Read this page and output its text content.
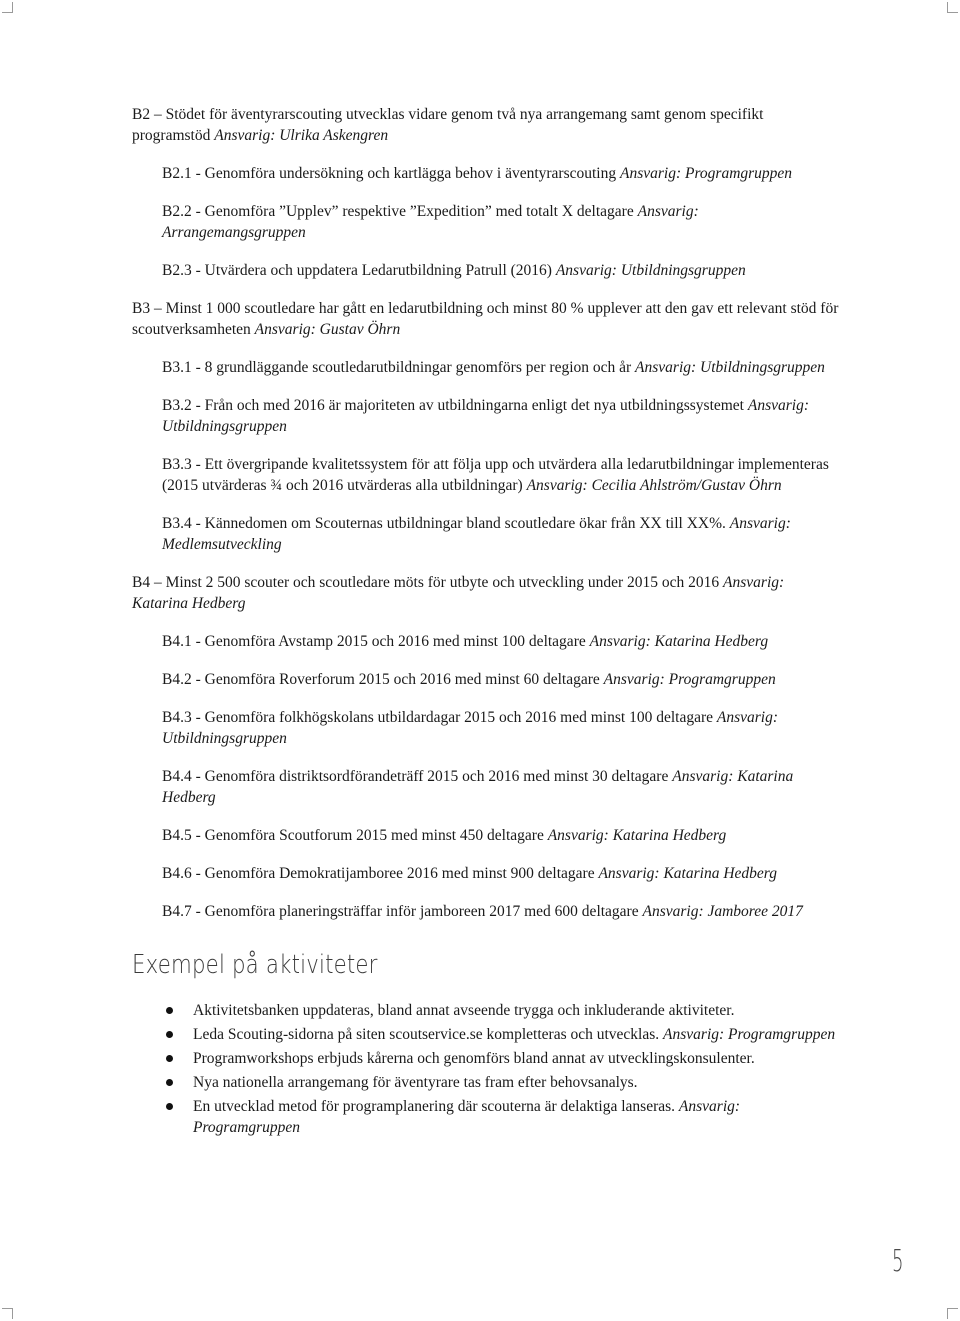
B2 – Stödet för äventyrarscouting utvecklas vidare genom två nya arrangemang samt genom specifikt programstöd Ansvarig: Ulrika Askengren

B2.1 - Genomföra undersökning och kartlägga behov i äventyrarscouting Ansvarig: Programgruppen

B2.2 - Genomföra ”Upplev” respektive ”Expedition” med totalt X deltagare Ansvarig: Arrangemangsgruppen

B2.3 - Utvärdera och uppdatera Ledarutbildning Patrull (2016) Ansvarig: Utbildningsgruppen

B3 – Minst 1 000 scoutledare har gått en ledarutbildning och minst 80 % upplever att den gav ett relevant stöd för scoutverksamheten Ansvarig: Gustav Öhrn

B3.1 - 8 grundläggande scoutledarutbildningar genomförs per region och år Ansvarig: Utbildningsgruppen

B3.2 - Från och med 2016 är majoriteten av utbildningarna enligt det nya utbildningssystemet Ansvarig: Utbildningsgruppen

B3.3 - Ett övergripande kvalitetssystem för att följa upp och utvärdera alla ledarutbildningar implementeras (2015 utvärderas ¾ och 2016 utvärderas alla utbildningar) Ansvarig: Cecilia Ahlström/Gustav Öhrn

B3.4 - Kännedomen om Scouternas utbildningar bland scoutledare ökar från XX till XX%. Ansvarig: Medlemsutveckling

B4 – Minst 2 500 scouter och scoutledare möts för utbyte och utveckling under 2015 och 2016 Ansvarig: Katarina Hedberg

B4.1 - Genomföra Avstamp 2015 och 2016 med minst 100 deltagare Ansvarig: Katarina Hedberg

B4.2 - Genomföra Roverforum 2015 och 2016 med minst 60 deltagare Ansvarig: Programgruppen

B4.3 - Genomföra folkhögskolans utbildardagar 2015 och 2016 med minst 100 deltagare Ansvarig: Utbildningsgruppen

B4.4 - Genomföra distriktsordförandeträff 2015 och 2016 med minst 30 deltagare Ansvarig: Katarina Hedberg

B4.5 - Genomföra Scoutforum 2015 med minst 450 deltagare Ansvarig: Katarina Hedberg

B4.6 - Genomföra Demokratijamboree 2016 med minst 900 deltagare Ansvarig: Katarina Hedberg

B4.7 - Genomföra planeringsträffar inför jamboreen 2017 med 600 deltagare Ansvarig: Jamboree 2017

Exempel på aktiviteter
Aktivitetsbanken uppdateras, bland annat avseende trygga och inkluderande aktiviteter.
Leda Scouting-sidorna på siten scoutservice.se kompletteras och utvecklas. Ansvarig: Programgruppen
Programworkshops erbjuds kårerna och genomförs bland annat av utvecklingskonsulenter.
Nya nationella arrangemang för äventyrare tas fram efter behovsanalys.
En utvecklad metod för programplanering där scouterna är delaktiga lanseras. Ansvarig: Programgruppen
5
